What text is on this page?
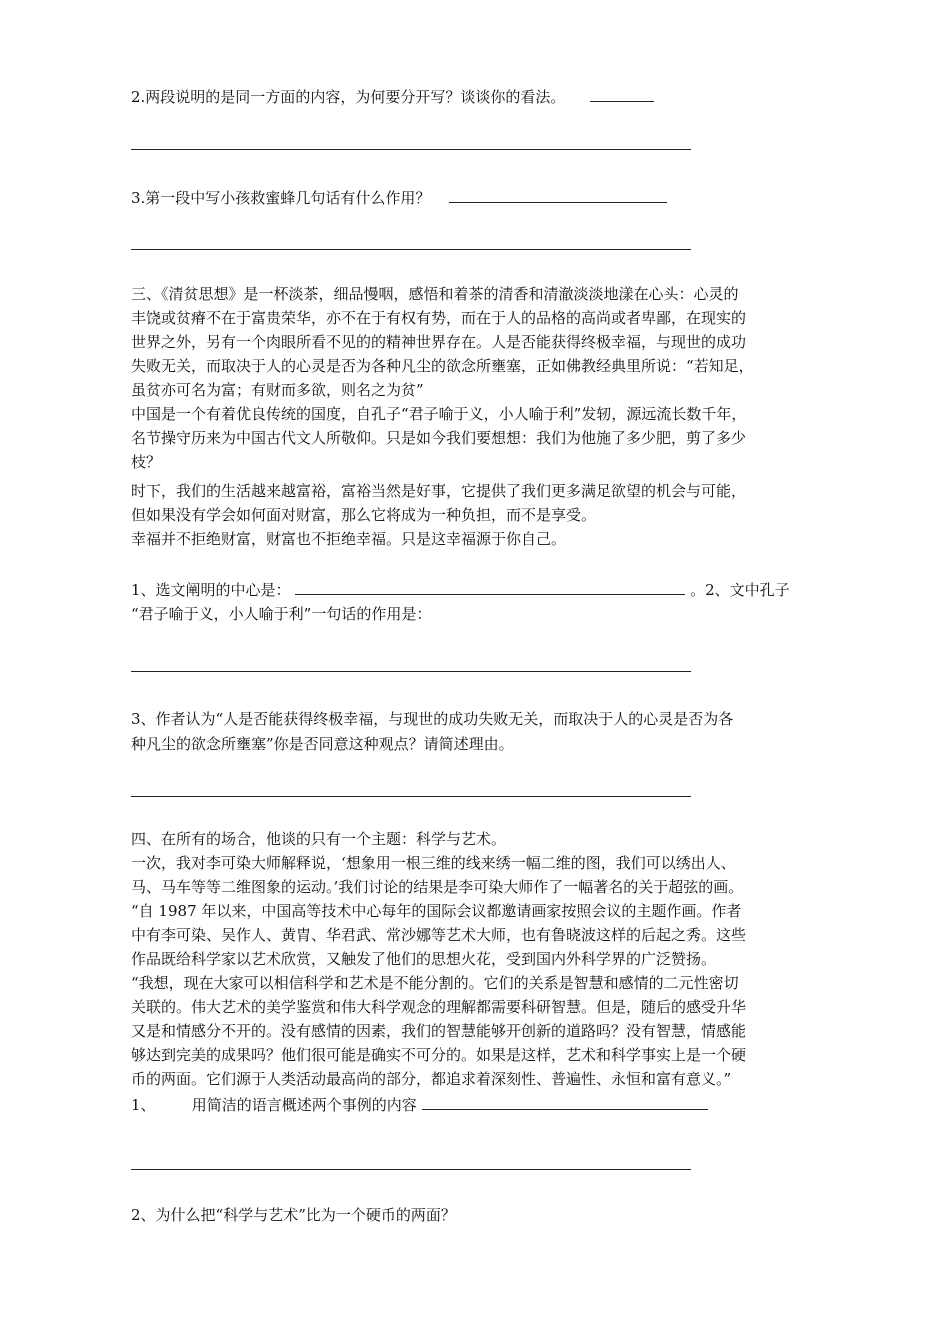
2.两段说明的是同一方面的内容，为何要分开写？谈谈你的看法。
3.第一段中写小孩救蜜蜂几句话有什么作用？
三、《清贫思想》是一杯淡茶，细品慢咽，感悟和着茶的清香和清澈淡淡地漾在心头：心灵的
丰饶或贫瘠不在于富贵荣华，亦不在于有权有势，而在于人的品格的高尚或者卑鄙，在现实的
世界之外，另有一个肉眼所看不见的的精神世界存在。人是否能获得终极幸福，与现世的成功
失败无关，而取决于人的心灵是否为各种凡尘的欲念所壅塞，正如佛教经典里所说：“若知足，
虽贫亦可名为富；有财而多欲，则名之为贫”
中国是一个有着优良传统的国度，自孔子“君子喻于义，小人喻于利”发轫，源远流长数千年，
名节操守历来为中国古代文人所敬仰。只是如今我们要想想：我们为他施了多少肥，剪了多少
枝？
时下，我们的生活越来越富裕，富裕当然是好事，它提供了我们更多满足欲望的机会与可能，
但如果没有学会如何面对财富，那么它将成为一种负担，而不是享受。
幸福并不拒绝财富，财富也不拒绝幸福。只是这幸福源于你自己。
1、选文阐明的中心是：	。2、文中孔子
“君子喻于义，小人喻于利”一句话的作用是：
3、作者认为“人是否能获得终极幸福，与现世的成功失败无关，而取决于人的心灵是否为各
种凡尘的欲念所壅塞”你是否同意这种观点？请简述理由。
四、在所有的场合，他谈的只有一个主题：科学与艺术。
一次，我对李可染大师解释说，‘想象用一根三维的线来绣一幅二维的图，我们可以绣出人、
马、马车等等二维图象的运动。’我们讨论的结果是李可染大师作了一幅著名的关于超弦的画。
“自 1987 年以来，中国高等技术中心每年的国际会议都邀请画家按照会议的主题作画。作者
中有李可染、吴作人、黄胄、华君武、常沙娜等艺术大师，也有鲁晓波这样的后起之秀。这些
作品既给科学家以艺术欣赏，又触发了他们的思想火花，受到国内外科学界的广泛赞扬。
“我想，现在大家可以相信科学和艺术是不能分割的。它们的关系是智慧和感情的二元性密切
关联的。伟大艺术的美学鉴赏和伟大科学观念的理解都需要科研智慧。但是，随后的感受升华
又是和情感分不开的。没有感情的因素，我们的智慧能够开创新的道路吗？没有智慧，情感能
够达到完美的成果吗？他们很可能是确实不可分的。如果是这样，艺术和科学事实上是一个硬
币的两面。它们源于人类活动最高尚的部分，都追求着深刻性、普遍性、永恒和富有意义。”
1、 用简洁的语言概述两个事例的内容
2、为什么把“科学与艺术”比为一个硬币的两面？
